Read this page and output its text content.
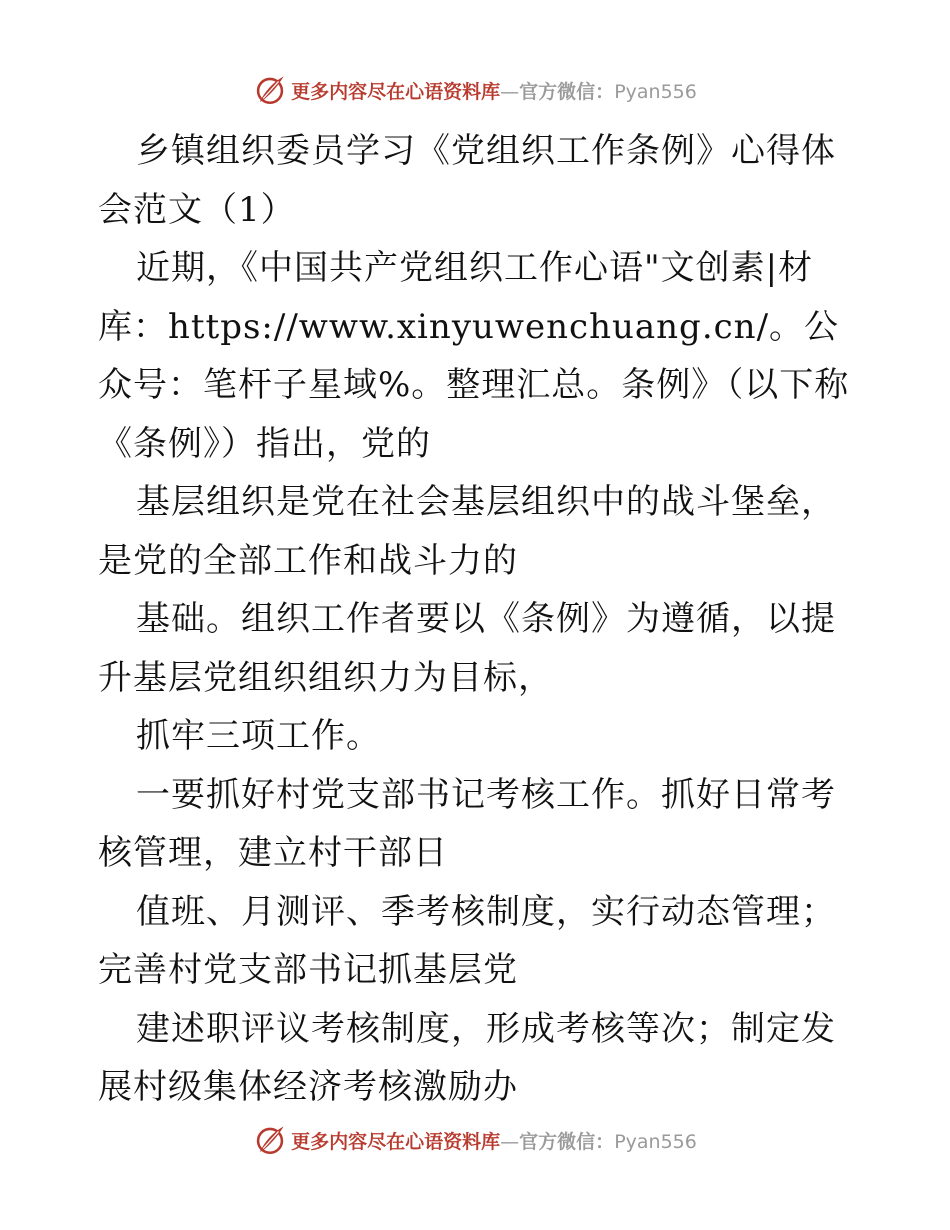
更多内容尽在心语资料库—官方微信：Pyan556

乡镇组织委员学习《党组织工作条例》心得体会范文（1）

近期，《中国共产党组织工作心语"文创素|材库：https://www.xinyuwenchuang.cn/。公众号：笔杆子星域%。整理汇总。条例》（以下称《条例》）指出，党的

基层组织是党在社会基层组织中的战斗堡垒，是党的全部工作和战斗力的

基础。组织工作者要以《条例》为遵循，以提升基层党组织组织力为目标，

抓牢三项工作。

一要抓好村党支部书记考核工作。抓好日常考核管理，建立村干部日

值班、月测评、季考核制度，实行动态管理；完善村党支部书记抓基层党

建述职评议考核制度，形成考核等次；制定发展村级集体经济考核激励办

更多内容尽在心语资料库—官方微信：Pyan556
